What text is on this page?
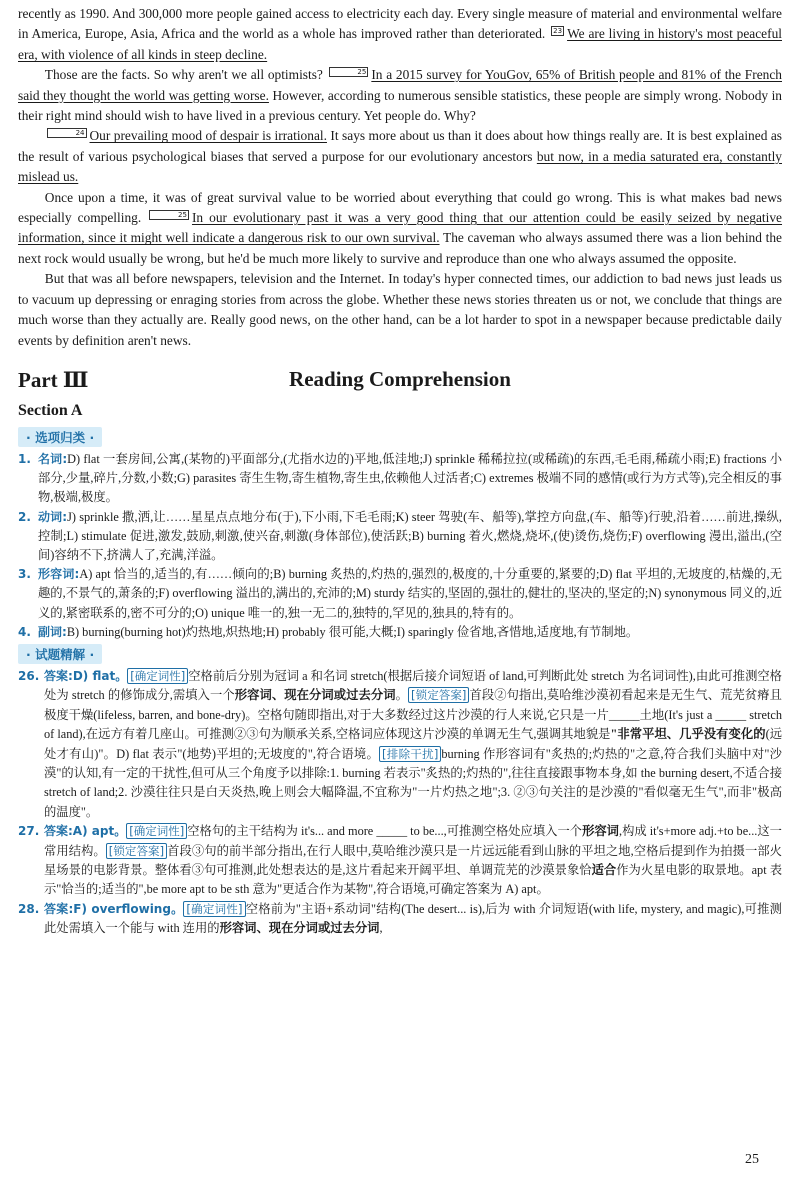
recently as 1990. And 300,000 more people gained access to electricity each day. Every single measure of material and environmental welfare in America, Europe, Asia, Africa and the world as a whole has improved rather than deteriorated. 23 We are living in history's most peaceful era, with violence of all kinds in steep decline.

Those are the facts. So why aren't we all optimists?	25 In a 2015 survey for YouGov, 65% of British people and 81% of the French said they thought the world was getting worse. However, according to numerous sensible statistics, these people are simply wrong. Nobody in their right mind should wish to have lived in a previous century. Yet people do. Why?

24 Our prevailing mood of despair is irrational. It says more about us than it does about how things really are. It is best explained as the result of various psychological biases that served a purpose for our evolutionary ancestors but now, in a media saturated era, constantly mislead us.

Once upon a time, it was of great survival value to be worried about everything that could go wrong. This is what makes bad news especially compelling.	25 In our evolutionary past it was a very good thing that our attention could be easily seized by negative information, since it might well indicate a dangerous risk to our own survival. The caveman who always assumed there was a lion behind the next rock would usually be wrong, but he'd be much more likely to survive and reproduce than one who always assumed the opposite.

But that was all before newspapers, television and the Internet. In today's hyper connected times, our addiction to bad news just leads us to vacuum up depressing or enraging stories from across the globe. Whether these news stories threaten us or not, we conclude that things are much worse than they actually are. Really good news, on the other hand, can be a lot harder to spot in a newspaper because predictable daily events by definition aren't news.

Part Ⅲ	Reading Comprehension
Section A
· 选项归类 ·

1. 名词:D) flat 一套房间,公寓,(某物的)平面部分,(尤指水边的)平地,低洼地;J) sprinkle 稀稀拉拉(或稀疏)的东西,毛毛雨,稀疏小雨;E) fractions 小部分,少量,碎片,分数,小数;G) parasites 寄生生物,寄生植物,寄生虫,依赖他人过活者;C) extremes 极端不同的感情(或行为方式等),完全相反的事物,极端,极度。

2. 动词:J) sprinkle 撒,洒,让……星星点点地分布(于),下小雨,下毛毛雨;K) steer 驾驶(车、船等),掌控方向盘,(车、船等)行驶,沿着……前进,操纵,控制;L) stimulate 促进,激发,鼓励,刺激,使兴奋,刺激(身体部位),使活跃;B) burning 着火,燃烧,烧坏,(使)烫伤,烧伤;F) overflowing 漫出,溢出,(空间)容纳不下,挤满人了,充满,洋溢。

3. 形容词:A) apt 恰当的,适当的,有……倾向的;B) burning 炙热的,灼热的,强烈的,极度的,十分重要的,紧要的;D) flat 平坦的,无坡度的,枯燥的,无趣的,不景气的,萧条的;F) overflowing 溢出的,满出的,充沛的;M) sturdy 结实的,坚固的,强壮的,健壮的,坚决的,坚定的;N) synonymous 同义的,近义的,紧密联系的,密不可分的;O) unique 唯一的,独一无二的,独特的,罕见的,独具的,特有的。

4. 副词:B) burning(burning hot)灼热地,炽热地;H) probably 很可能,大概;I) sparingly 俭省地,吝惜地,适度地,有节制地。

· 试题精解 ·

26. 答案:D) flat。 [确定词性] 空格前后分别为冠词 a 和名词 stretch(根据后接介词短语 of land,可判断此处 stretch 为名词词性),由此可推测空格处为 stretch 的修饰成分,需填入一个形容词、现在分词或过去分词。 [锁定答案] 首段②句指出,莫哈维沙漠初看起来是无生气、荒芜贫瘠且极度干燥(lifeless, barren, and bone-dry)。空格句随即指出,对于大多数经过这片沙漠的行人来说,它只是一片_____土地(It's just a _____ stretch of land),在远方有着几座山。可推测②③句为顺承关系,空格词应体现这片沙漠的单调无生气,强调其地貌是"非常平坦、几乎没有变化的(远处才有山)"。D) flat 表示"(地势)平坦的;无坡度的",符合语境。 [排除干扰] burning 作形容词有"炙热的;灼热的"之意,符合我们头脑中对"沙漠"的认知,有一定的干扰性,但可从三个角度予以排除:1. burning 若表示"炙热的;灼热的",往往直接跟事物本身,如 the burning desert,不适合接 stretch of land;2. 沙漠往往只是白天炎热,晚上则会大幅降温,不宜称为"一片灼热之地";3. ②③句关注的是沙漠的"看似毫无生气",而非"极高的温度"。

27. 答案:A) apt。 [确定词性] 空格句的主干结构为 it's... and more _____ to be...,可推测空格处应填入一个形容词,构成 it's+more adj.+to be...这一常用结构。 [锁定答案] 首段③句的前半部分指出,在行人眼中,莫哈维沙漠只是一片远远能看到山脉的平坦之地,空格后提到作为拍摄一部火星场景的电影背景。整体看③句可推测,此处想表达的是,这片看起来开阔平坦、单调荒芜的沙漠景象恰适合作为火星电影的取景地。apt 表示"恰当的;适当的",be more apt to be sth 意为"更适合作为某物",符合语境,可确定答案为 A) apt。

28. 答案:F) overflowing。 [确定词性] 空格前为"主语+系动词"结构(The desert... is),后为 with 介词短语(with life, mystery, and magic),可推测此处需填入一个能与 with 连用的形容词、现在分词或过去分词,

25
